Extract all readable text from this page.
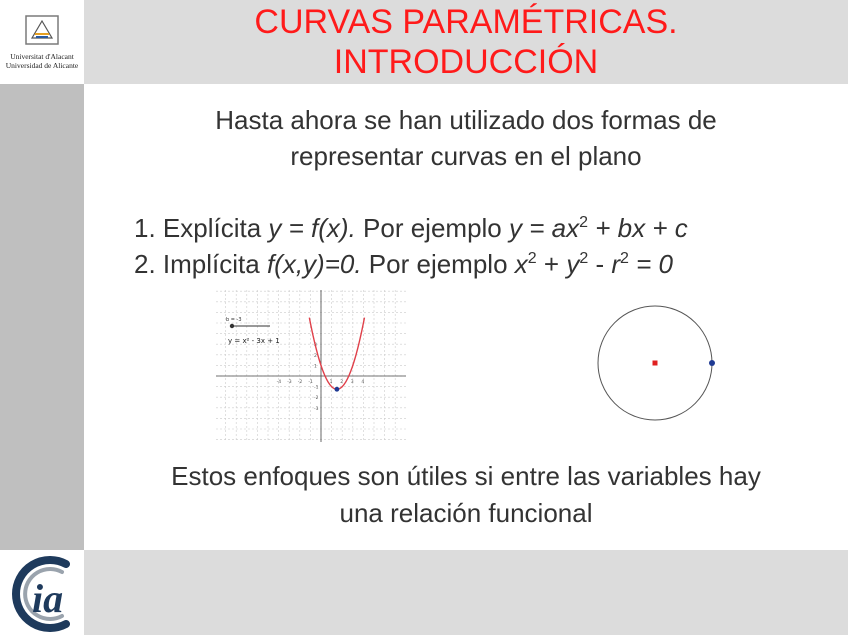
Universitat d'Alacant
Universidad de Alicante
CURVAS PARAMÉTRICAS.
INTRODUCCIÓN
Hasta ahora se han utilizado dos formas de
representar curvas en el plano
1. Explícita y = f(x). Por ejemplo $y = ax^2$ + bx + c
2. Implícita f(x,y)=0. Por ejemplo $x^2 + y^2 - r^2 = 0$
-4 -3 -2 -1	1 2 3 4
3
2
1
-1
-2
-3
b = -3
y = x² - 3x + 1
Estos enfoques son útiles si entre las variables hay
una relación funcional
ia
